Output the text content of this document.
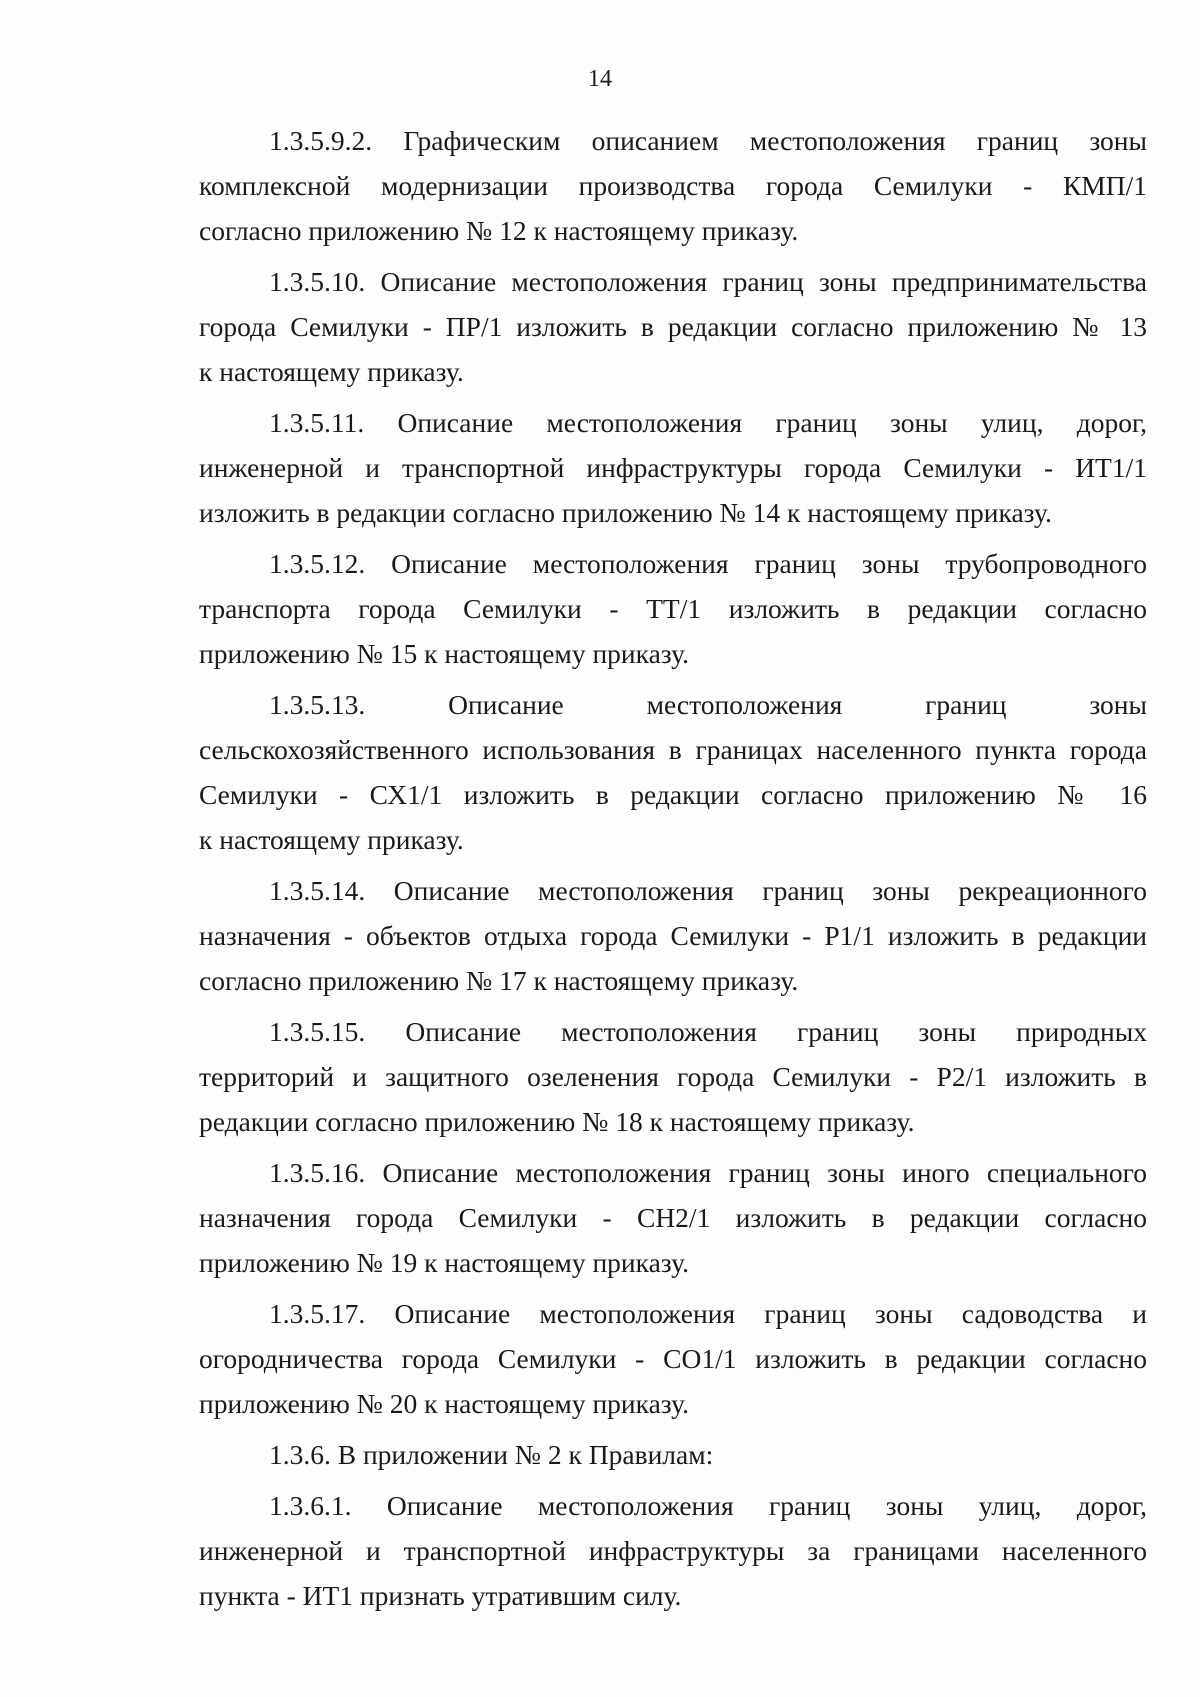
14
1.3.5.9.2. Графическим описанием местоположения границ зоны
комплексной модернизации производства города Семилуки - КМП/1
согласно приложению № 12 к настоящему приказу.
1.3.5.10. Описание местоположения границ зоны предпринимательства
города Семилуки - ПР/1 изложить в редакции согласно приложению № 13
к настоящему приказу.
1.3.5.11. Описание местоположения границ зоны улиц, дорог,
инженерной и транспортной инфраструктуры города Семилуки - ИТ1/1
изложить в редакции согласно приложению № 14 к настоящему приказу.
1.3.5.12. Описание местоположения границ зоны трубопроводного
транспорта города Семилуки - ТТ/1 изложить в редакции согласно
приложению № 15 к настоящему приказу.
1.3.5.13. Описание местоположения границ зоны
сельскохозяйственного использования в границах населенного пункта города
Семилуки - СХ1/1 изложить в редакции согласно приложению № 16
к настоящему приказу.
1.3.5.14. Описание местоположения границ зоны рекреационного
назначения - объектов отдыха города Семилуки - Р1/1 изложить в редакции
согласно приложению № 17 к настоящему приказу.
1.3.5.15. Описание местоположения границ зоны природных
территорий и защитного озеленения города Семилуки - Р2/1 изложить в
редакции согласно приложению № 18 к настоящему приказу.
1.3.5.16. Описание местоположения границ зоны иного специального
назначения города Семилуки - СН2/1 изложить в редакции согласно
приложению № 19 к настоящему приказу.
1.3.5.17. Описание местоположения границ зоны садоводства и
огородничества города Семилуки - СО1/1 изложить в редакции согласно
приложению № 20 к настоящему приказу.
1.3.6. В приложении № 2 к Правилам:
1.3.6.1. Описание местоположения границ зоны улиц, дорог,
инженерной и транспортной инфраструктуры за границами населенного
пункта - ИТ1 признать утратившим силу.
